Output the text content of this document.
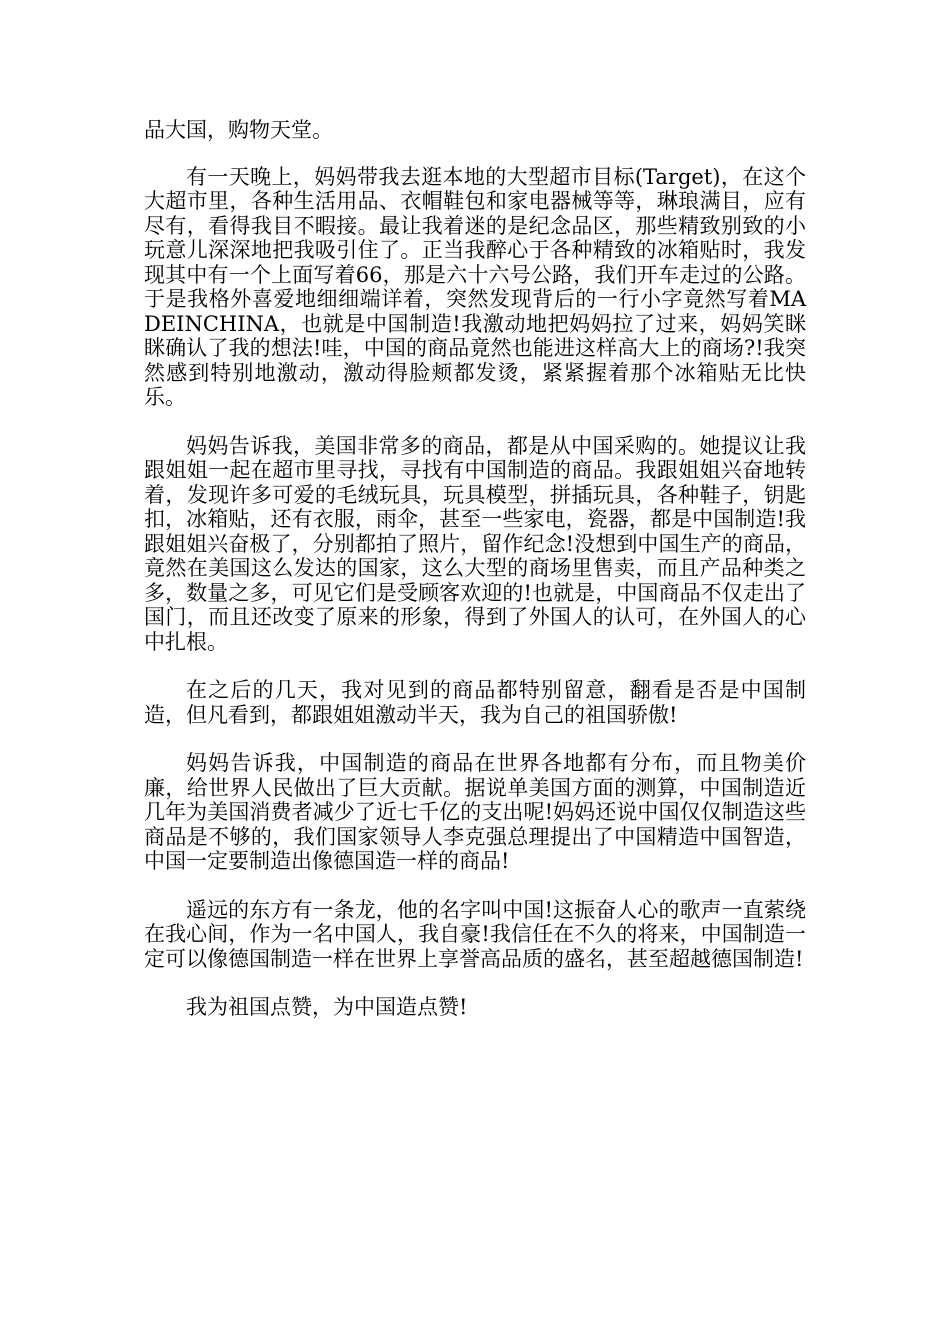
品大国，购物天堂。

有一天晚上，妈妈带我去逛本地的大型超市目标(Target)，在这个大超市里，各种生活用品、衣帽鞋包和家电器械等等，琳琅满目，应有尽有，看得我目不暇接。最让我着迷的是纪念品区，那些精致别致的小玩意儿深深地把我吸引住了。正当我醉心于各种精致的冰箱贴时，我发现其中有一个上面写着66，那是六十六号公路，我们开车走过的公路。于是我格外喜爱地细细端详着，突然发现背后的一行小字竟然写着MADEINCHINA，也就是中国制造!我激动地把妈妈拉了过来，妈妈笑眯眯确认了我的想法!哇，中国的商品竟然也能进这样高大上的商场?!我突然感到特别地激动，激动得脸颊都发烫，紧紧握着那个冰箱贴无比快乐。

妈妈告诉我，美国非常多的商品，都是从中国采购的。她提议让我跟姐姐一起在超市里寻找，寻找有中国制造的商品。我跟姐姐兴奋地转着，发现许多可爱的毛绒玩具，玩具模型，拼插玩具，各种鞋子，钥匙扣，冰箱贴，还有衣服，雨伞，甚至一些家电，瓷器，都是中国制造!我跟姐姐兴奋极了，分别都拍了照片，留作纪念!没想到中国生产的商品，竟然在美国这么发达的国家，这么大型的商场里售卖，而且产品种类之多，数量之多，可见它们是受顾客欢迎的!也就是，中国商品不仅走出了国门，而且还改变了原来的形象，得到了外国人的认可，在外国人的心中扎根。

在之后的几天，我对见到的商品都特别留意，翻看是否是中国制造，但凡看到，都跟姐姐激动半天，我为自己的祖国骄傲!

妈妈告诉我，中国制造的商品在世界各地都有分布，而且物美价廉，给世界人民做出了巨大贡献。据说单美国方面的测算，中国制造近几年为美国消费者减少了近七千亿的支出呢!妈妈还说中国仅仅制造这些商品是不够的，我们国家领导人李克强总理提出了中国精造中国智造，中国一定要制造出像德国造一样的商品!

遥远的东方有一条龙，他的名字叫中国!这振奋人心的歌声一直萦绕在我心间，作为一名中国人，我自豪!我信任在不久的将来，中国制造一定可以像德国制造一样在世界上享誉高品质的盛名，甚至超越德国制造!

我为祖国点赞，为中国造点赞!
